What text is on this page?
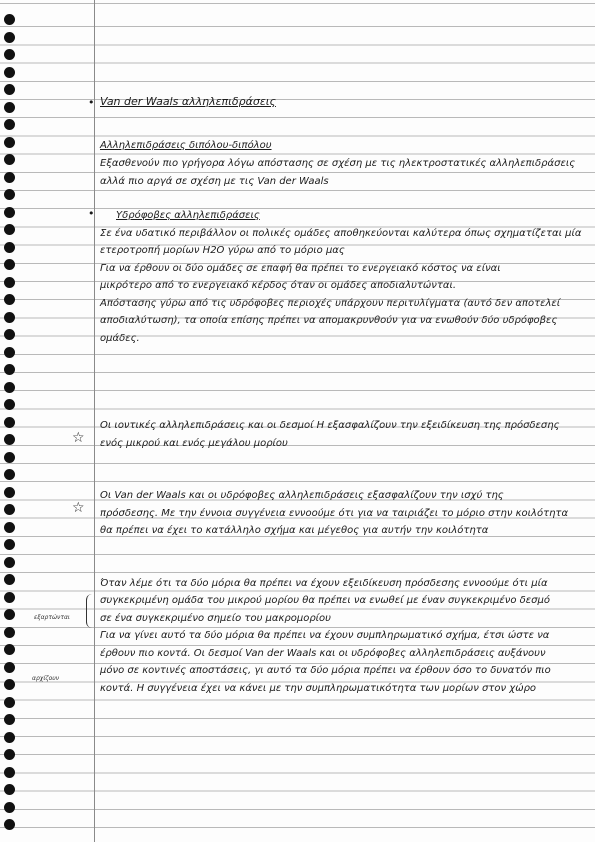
•
•
☆
☆
εξαρτώνται
αρχίζουν
Van der Waals αλληλεπιδράσεις
Αλληλεπιδράσεις διπόλου-διπόλου
Εξασθενούν πιο γρήγορα λόγω απόστασης σε σχέση με τις ηλεκτροστατικές αλληλεπιδράσεις
αλλά πιο αργά σε σχέση με τις Van der Waals
Υδρόφοβες αλληλεπιδράσεις
Σε ένα υδατικό περιβάλλον οι πολικές ομάδες αποθηκεύονται καλύτερα όπως σχηματίζεται μία
ετεροτροπή μορίων H2O γύρω από το μόριο μας
Για να έρθουν οι δύο ομάδες σε επαφή θα πρέπει το ενεργειακό κόστος να είναι
μικρότερο από το ενεργειακό κέρδος όταν οι ομάδες αποδιαλυτώνται.
Απόστασης γύρω από τις υδρόφοβες περιοχές υπάρχουν περιτυλίγματα (αυτό δεν αποτελεί
αποδιαλύτωση), τα οποία επίσης πρέπει να απομακρυνθούν για να ενωθούν δύο υδρόφοβες
ομάδες.
Οι ιοντικές αλληλεπιδράσεις και οι δεσμοί H εξασφαλίζουν την εξειδίκευση της πρόσδεσης
ενός μικρού και ενός μεγάλου μορίου
Οι Van der Waals και οι υδρόφοβες αλληλεπιδράσεις εξασφαλίζουν την ισχύ της
πρόσδεσης. Με την έννοια συγγένεια εννοούμε ότι για να ταιριάζει το μόριο στην κοιλότητα
θα πρέπει να έχει το κατάλληλο σχήμα και μέγεθος για αυτήν την κοιλότητα
Όταν λέμε ότι τα δύο μόρια θα πρέπει να έχουν εξειδίκευση πρόσδεσης εννοούμε ότι μία
συγκεκριμένη ομάδα του μικρού μορίου θα πρέπει να ενωθεί με έναν συγκεκριμένο δεσμό
σε ένα συγκεκριμένο σημείο του μακρομορίου
Για να γίνει αυτό τα δύο μόρια θα πρέπει να έχουν συμπληρωματικό σχήμα, έτσι ώστε να
έρθουν πιο κοντά. Οι δεσμοί Van der Waals και οι υδρόφοβες αλληλεπιδράσεις αυξάνουν
μόνο σε κοντινές αποστάσεις, γι αυτό τα δύο μόρια πρέπει να έρθουν όσο το δυνατόν πιο
κοντά. Η συγγένεια έχει να κάνει με την συμπληρωματικότητα των μορίων στον χώρο
